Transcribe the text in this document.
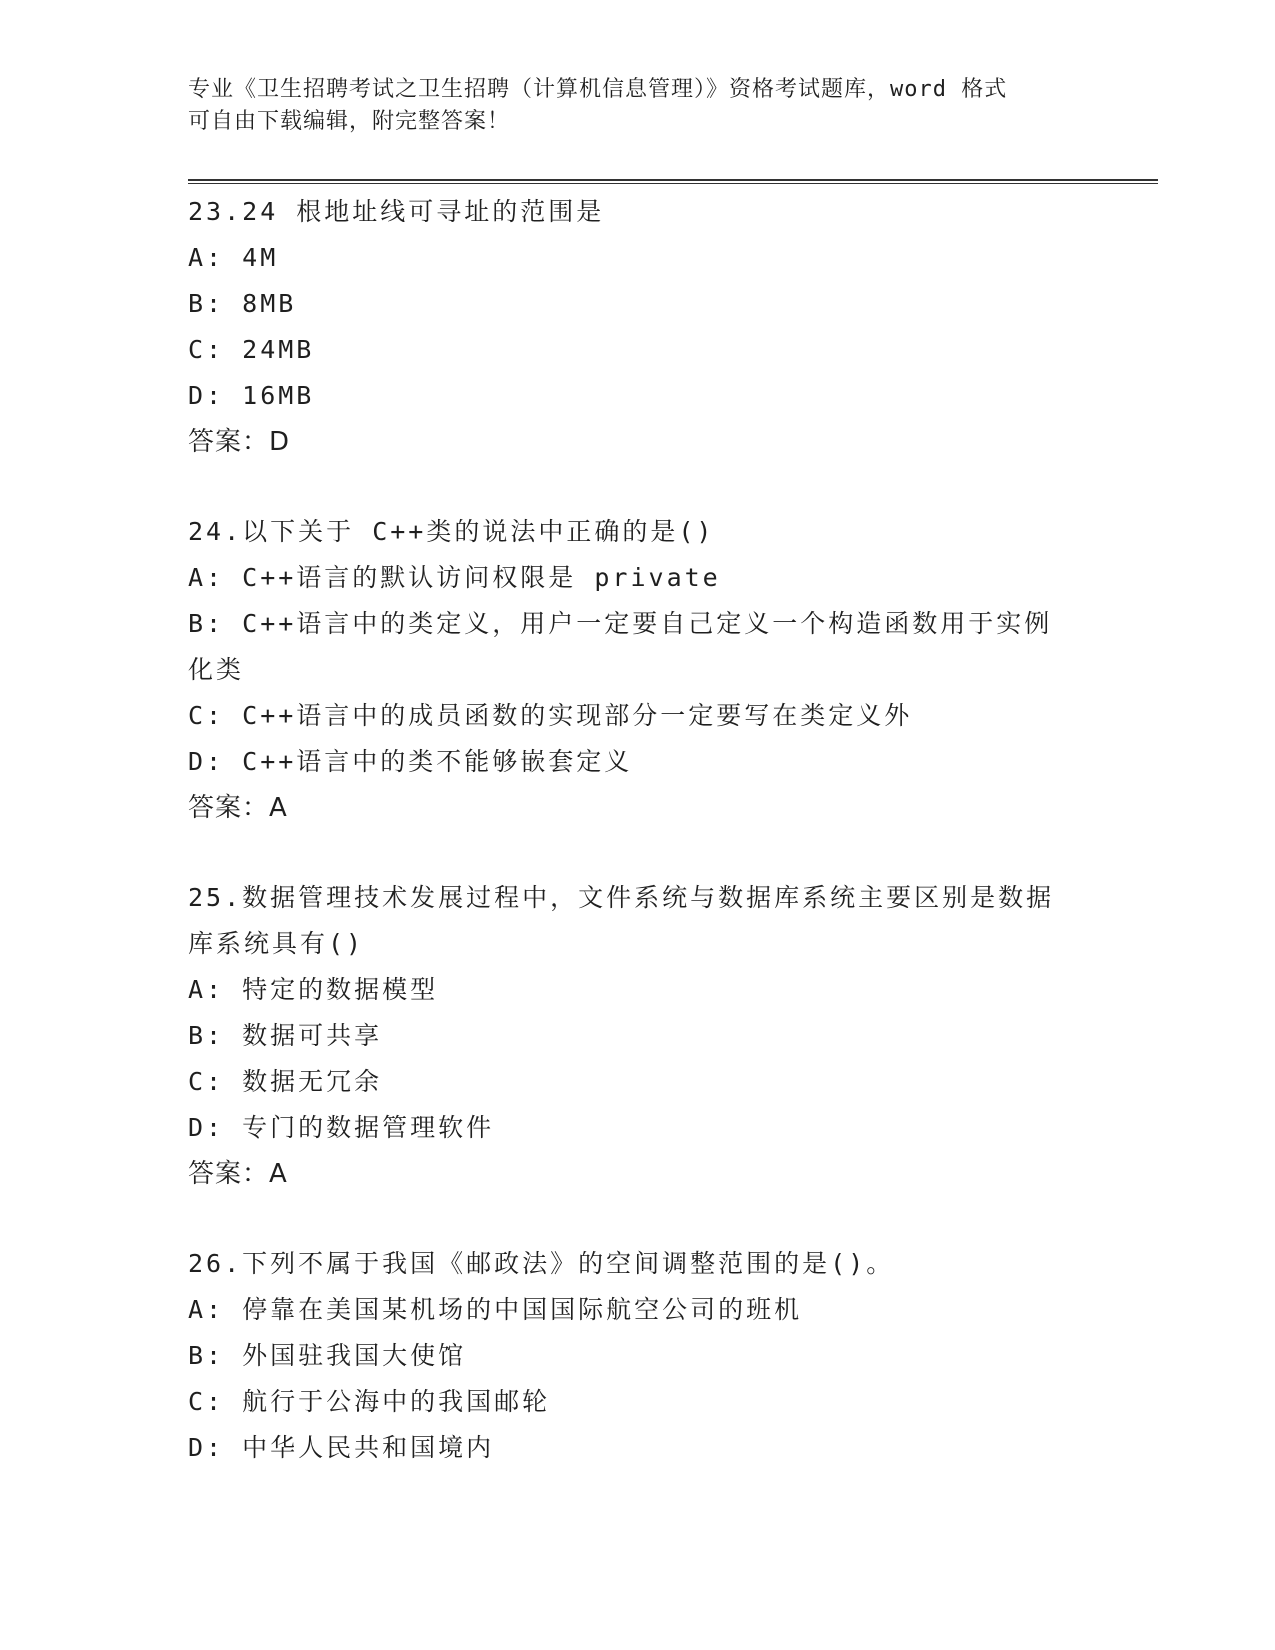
专业《卫生招聘考试之卫生招聘（计算机信息管理）》资格考试题库，word 格式
可自由下载编辑，附完整答案！
23.24 根地址线可寻址的范围是
A: 4M
B: 8MB
C: 24MB
D: 16MB
答案：D
24.以下关于 C++类的说法中正确的是()
A: C++语言的默认访问权限是 private
B: C++语言中的类定义，用户一定要自己定义一个构造函数用于实例
化类
C: C++语言中的成员函数的实现部分一定要写在类定义外
D: C++语言中的类不能够嵌套定义
答案：A
25.数据管理技术发展过程中，文件系统与数据库系统主要区别是数据
库系统具有()
A: 特定的数据模型
B: 数据可共享
C: 数据无冗余
D: 专门的数据管理软件
答案：A
26.下列不属于我国《邮政法》的空间调整范围的是()。
A: 停靠在美国某机场的中国国际航空公司的班机
B: 外国驻我国大使馆
C: 航行于公海中的我国邮轮
D: 中华人民共和国境内
